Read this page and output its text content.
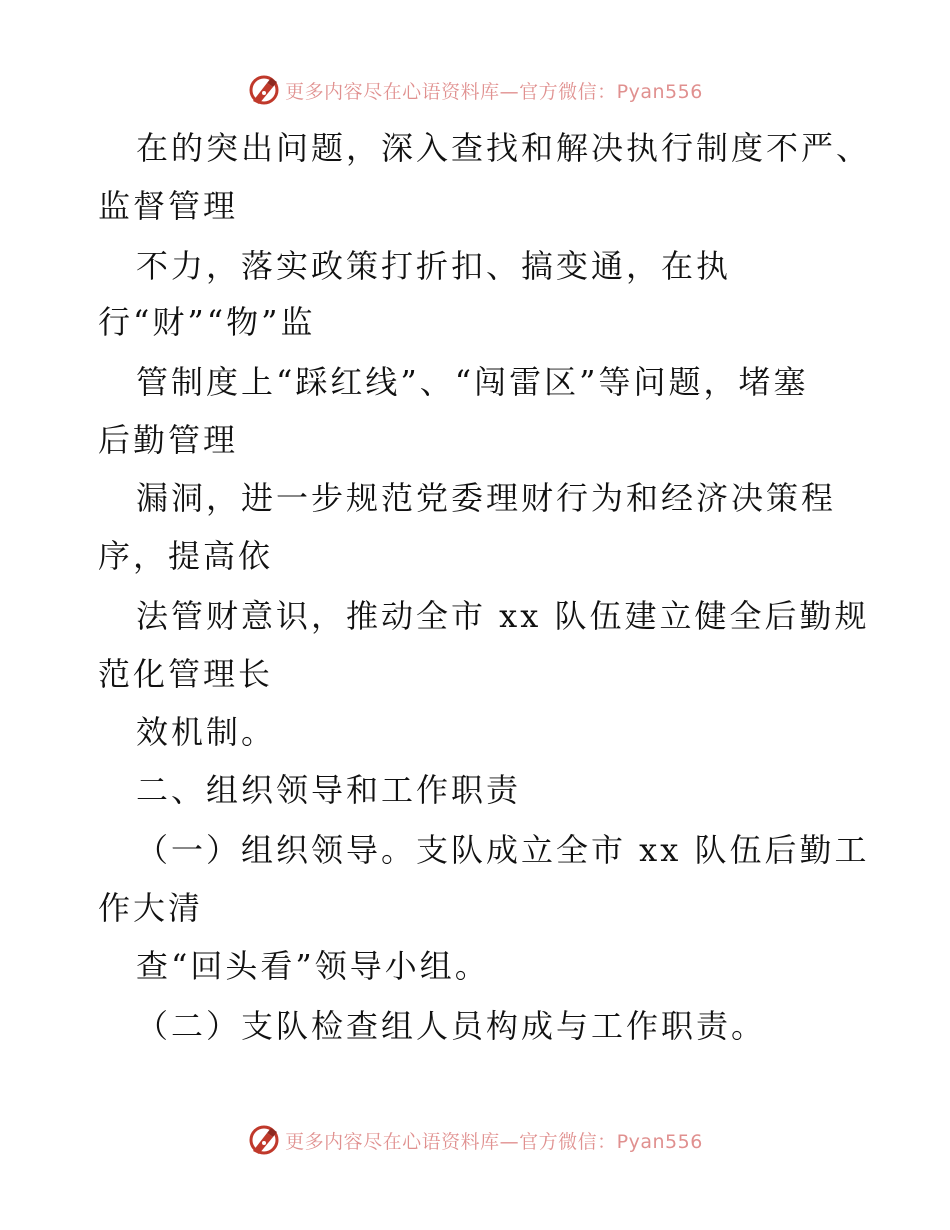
更多内容尽在心语资料库—官方微信：Pyan556
在的突出问题，深入查找和解决执行制度不严、
监督管理
不力，落实政策打折扣、搞变通，在执
行“财”“物”监
管制度上“踩红线”、“闯雷区”等问题，堵塞
后勤管理
漏洞，进一步规范党委理财行为和经济决策程
序，提高依
法管财意识，推动全市 xx 队伍建立健全后勤规
范化管理长
效机制。
二、组织领导和工作职责
（一）组织领导。支队成立全市 xx 队伍后勤工
作大清
查“回头看”领导小组。
（二）支队检查组人员构成与工作职责。
更多内容尽在心语资料库—官方微信：Pyan556
